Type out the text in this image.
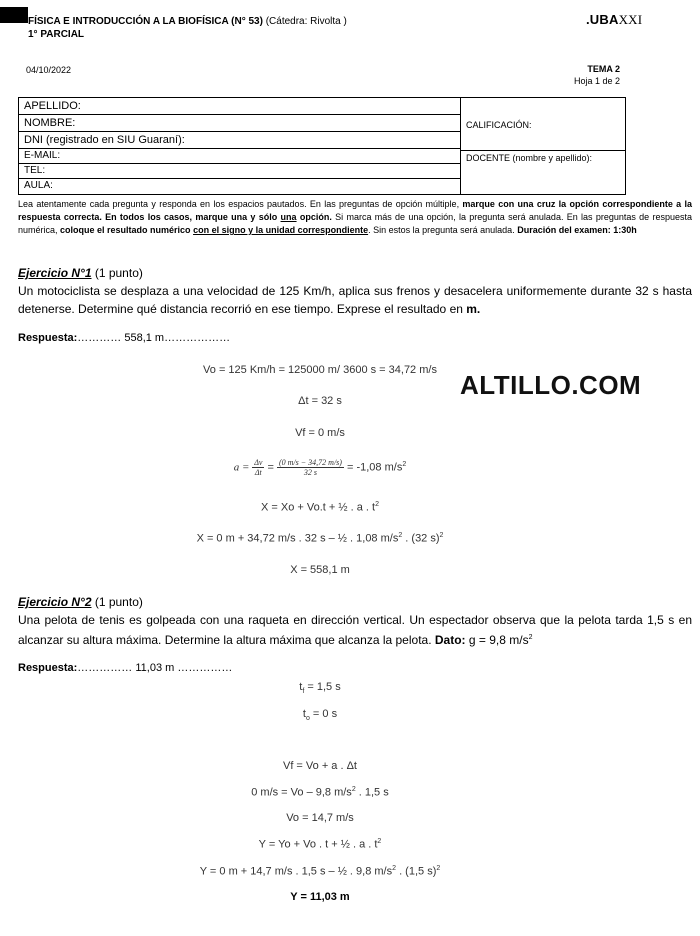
FÍSICA E INTRODUCCIÓN A LA BIOFÍSICA (N° 53) (Cátedra: Rivolta )
1° PARCIAL
.UBAXXI
04/10/2022	TEMA 2
Hoja 1 de 2
APELLIDO:
NOMBRE:
DNI (registrado en SIU Guaraní):
E-MAIL:
TEL:
AULA:
CALIFICACIÓN:
DOCENTE (nombre y apellido):
Lea atentamente cada pregunta y responda en los espacios pautados. En las preguntas de opción múltiple, marque con una cruz la opción correspondiente a la respuesta correcta. En todos los casos, marque una y sólo una opción. Si marca más de una opción, la pregunta será anulada. En las preguntas de respuesta numérica, coloque el resultado numérico con el signo y la unidad correspondiente. Sin estos la pregunta será anulada. Duración del examen: 1:30h
Ejercicio N°1 (1 punto)
Un motociclista se desplaza a una velocidad de 125 Km/h, aplica sus frenos y desacelera uniformemente durante 32 s hasta detenerse. Determine qué distancia recorrió en ese tiempo. Exprese el resultado en m.
Respuesta:………… 558,1 m………………
Vo = 125 Km/h = 125000 m/ 3600 s = 34,72 m/s
Δt = 32 s
Vf = 0 m/s
$a = \frac{\Delta v}{\Delta t} = \frac{(0 m/s - 34,72 m/s)}{32 s} = -1,08$ $m/s^2$
X = Xo + Vo.t + ½ . a . $t^2$
X = 0 m + 34,72 m/s . 32 s – ½ . 1,08 $m/s^2$ . (32 s)$^2$
X = 558,1 m
ALTILLO.COM
Ejercicio N°2 (1 punto)
Una pelota de tenis es golpeada con una raqueta en dirección vertical. Un espectador observa que la pelota tarda 1,5 s en alcanzar su altura máxima. Determine la altura máxima que alcanza la pelota. Dato: g = 9,8 $m/s^2$
Respuesta:…………… 11,03 m ……………
$t_f = 1,5$ s
$t_o = 0$ s
Vf = Vo + a . Δt
0 m/s = Vo – 9,8 $m/s^2$ . 1,5 s
Vo = 14,7 m/s
Y = Yo + Vo . t + ½ . a . $t^2$
Y = 0 m + 14,7 m/s . 1,5 s – ½ . 9,8 $m/s^2$ . (1,5 s)$^2$
Y = 11,03 m
